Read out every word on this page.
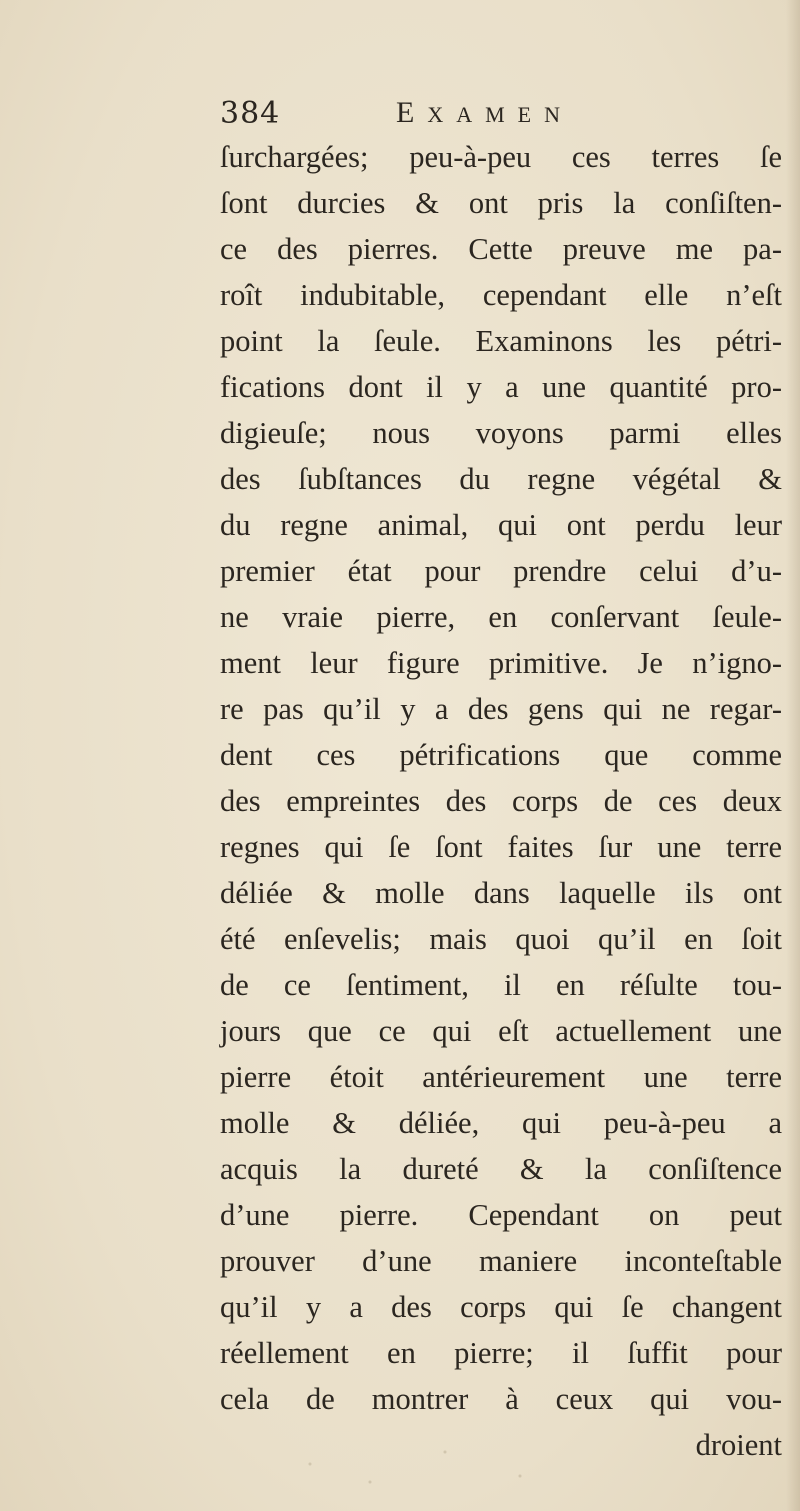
384	EXAMEN
ſurchargées; peu-à-peu ces terres ſe
ſont durcies & ont pris la conſiſten-
ce des pierres. Cette preuve me pa-
roît indubitable, cependant elle n’eſt
point la ſeule. Examinons les pétri-
fications dont il y a une quantité pro-
digieuſe; nous voyons parmi elles
des ſubſtances du regne végétal &
du regne animal, qui ont perdu leur
premier état pour prendre celui d’u-
ne vraie pierre, en conſervant ſeule-
ment leur figure primitive. Je n’igno-
re pas qu’il y a des gens qui ne regar-
dent ces pétrifications que comme
des empreintes des corps de ces deux
regnes qui ſe ſont faites ſur une terre
déliée & molle dans laquelle ils ont
été enſevelis; mais quoi qu’il en ſoit
de ce ſentiment, il en réſulte tou-
jours que ce qui eſt actuellement une
pierre étoit antérieurement une terre
molle & déliée, qui peu-à-peu a
acquis la dureté & la conſiſtence
d’une pierre. Cependant on peut
prouver d’une maniere inconteſtable
qu’il y a des corps qui ſe changent
réellement en pierre; il ſuffit pour
cela de montrer à ceux qui vou-
droient
